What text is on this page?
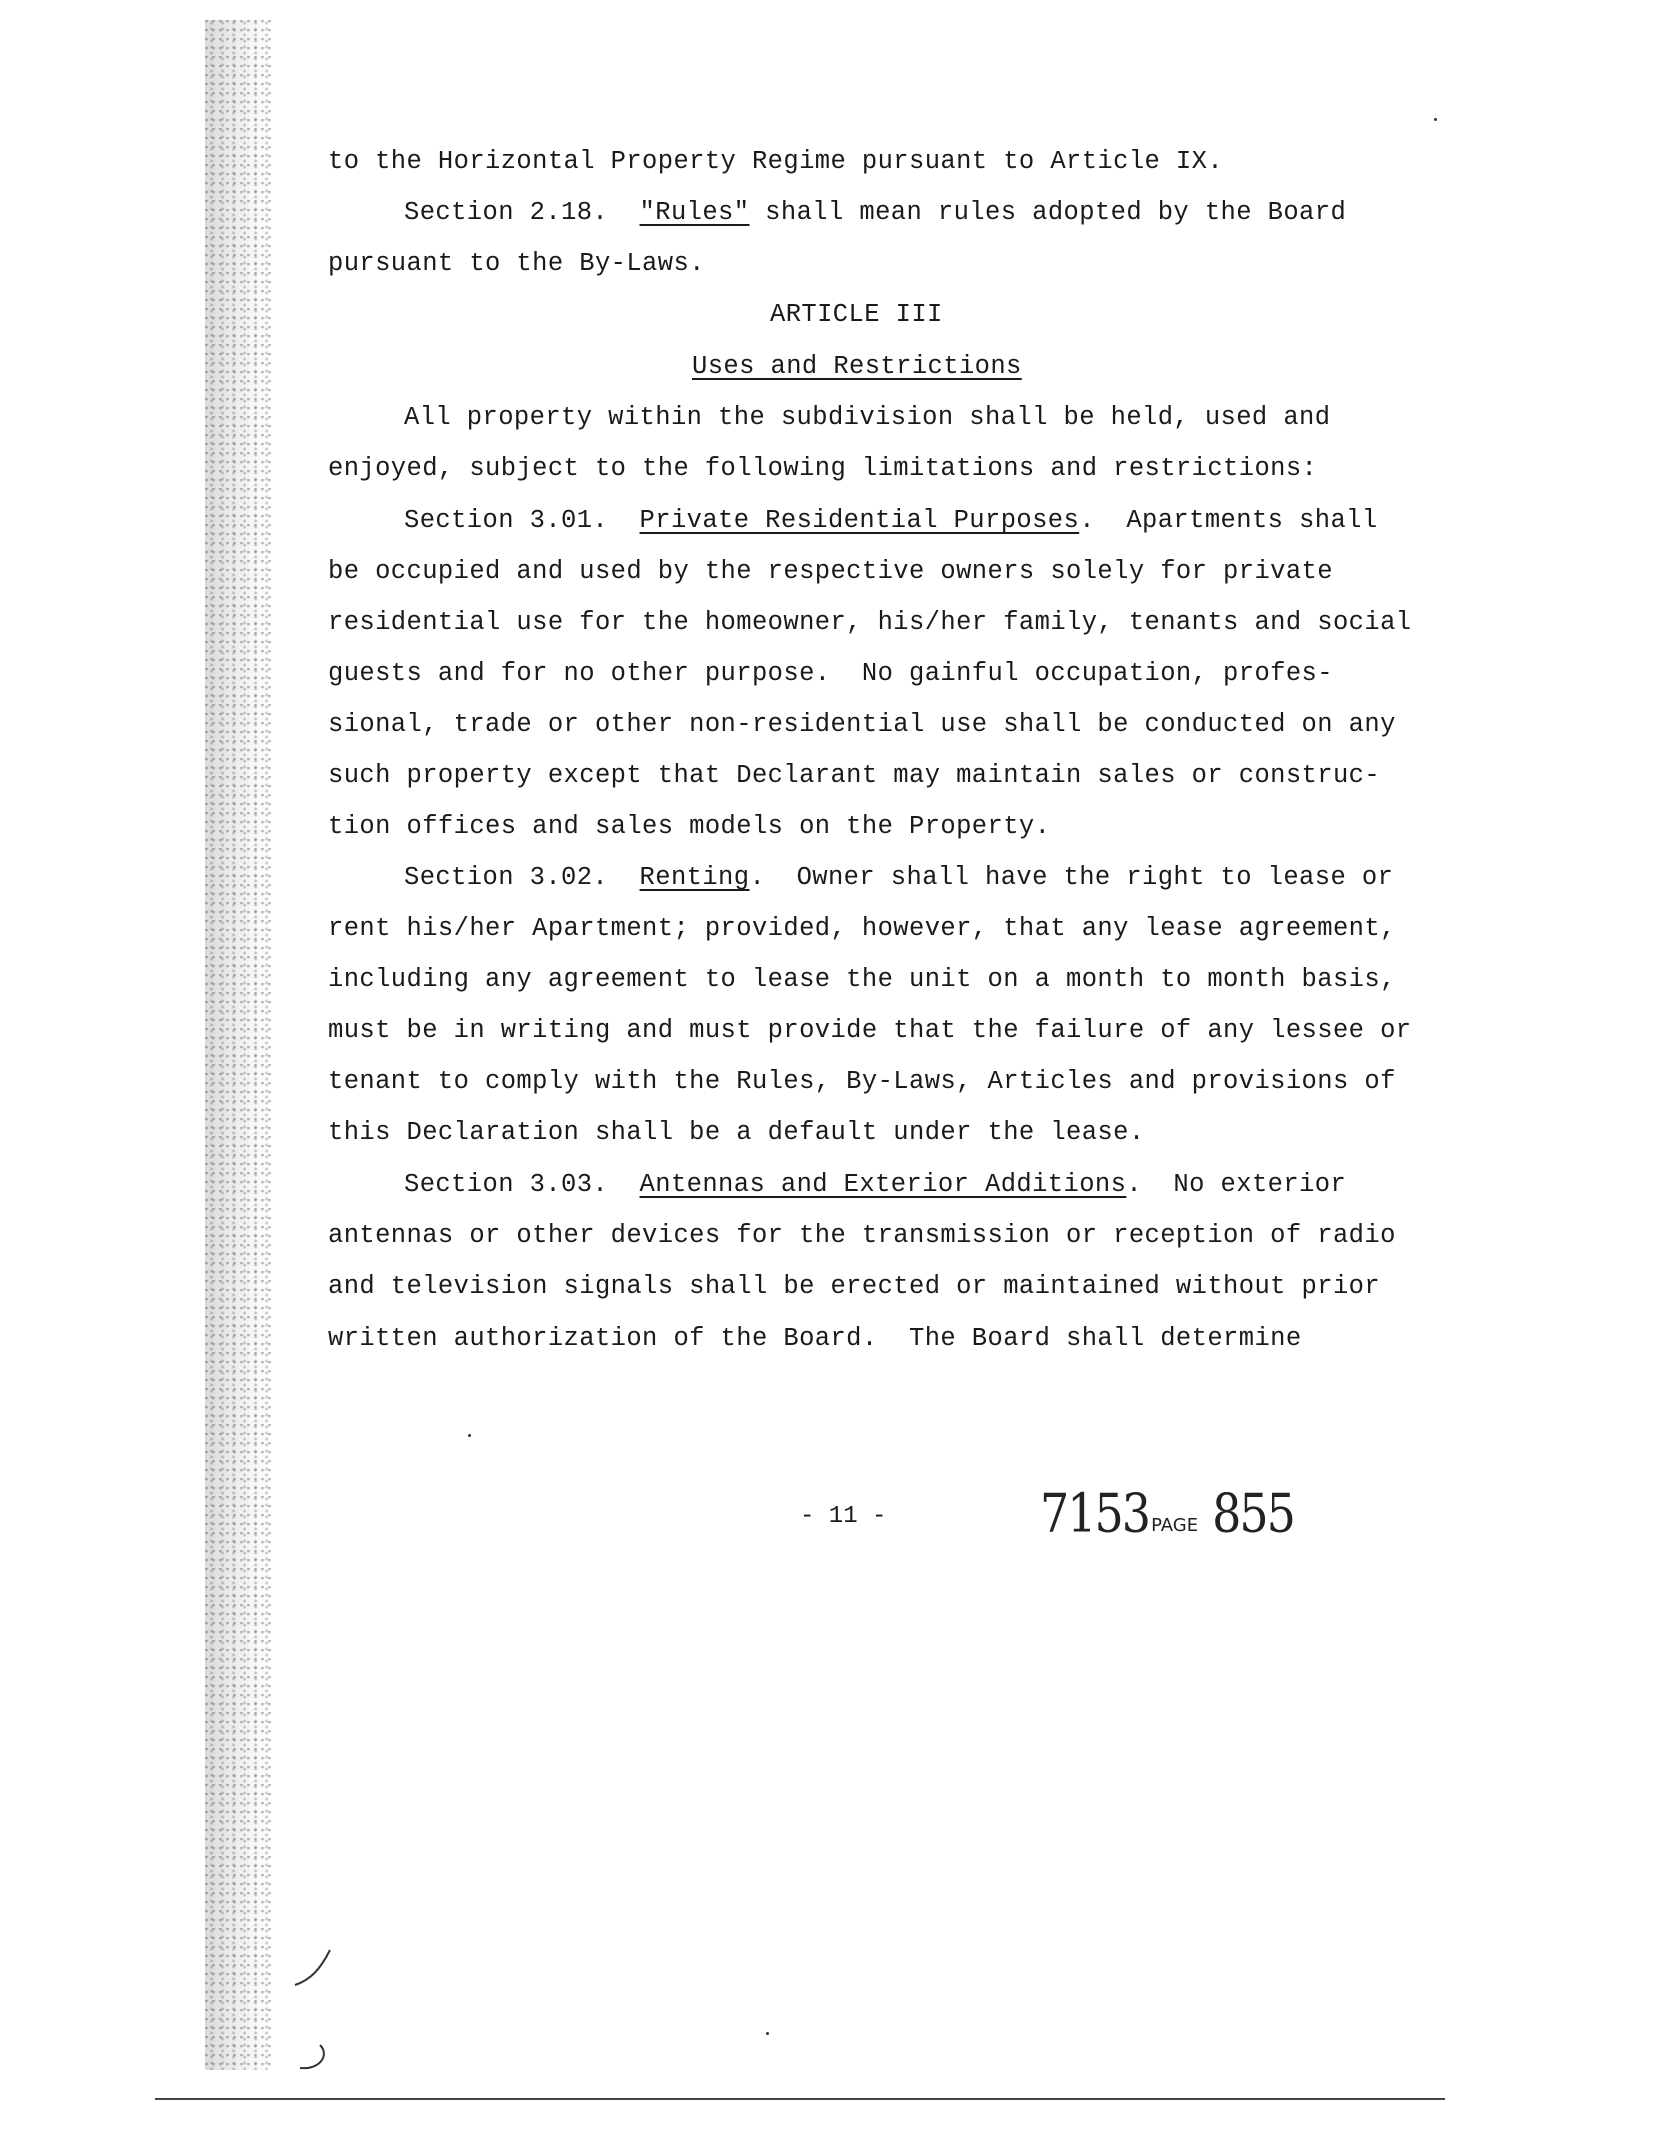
to the Horizontal Property Regime pursuant to Article IX.
Section 2.18.  "Rules" shall mean rules adopted by the Board
pursuant to the By-Laws.
ARTICLE III
Uses and Restrictions
All property within the subdivision shall be held, used and
enjoyed, subject to the following limitations and restrictions:
Section 3.01.  Private Residential Purposes.  Apartments shall
be occupied and used by the respective owners solely for private
residential use for the homeowner, his/her family, tenants and social
guests and for no other purpose.  No gainful occupation, profes-
sional, trade or other non-residential use shall be conducted on any
such property except that Declarant may maintain sales or construc-
tion offices and sales models on the Property.
Section 3.02.  Renting.  Owner shall have the right to lease or
rent his/her Apartment; provided, however, that any lease agreement,
including any agreement to lease the unit on a month to month basis,
must be in writing and must provide that the failure of any lessee or
tenant to comply with the Rules, By-Laws, Articles and provisions of
this Declaration shall be a default under the lease.
Section 3.03.  Antennas and Exterior Additions.  No exterior
antennas or other devices for the transmission or reception of radio
and television signals shall be erected or maintained without prior
written authorization of the Board.  The Board shall determine
- 11 -	7153 PAGE 855
